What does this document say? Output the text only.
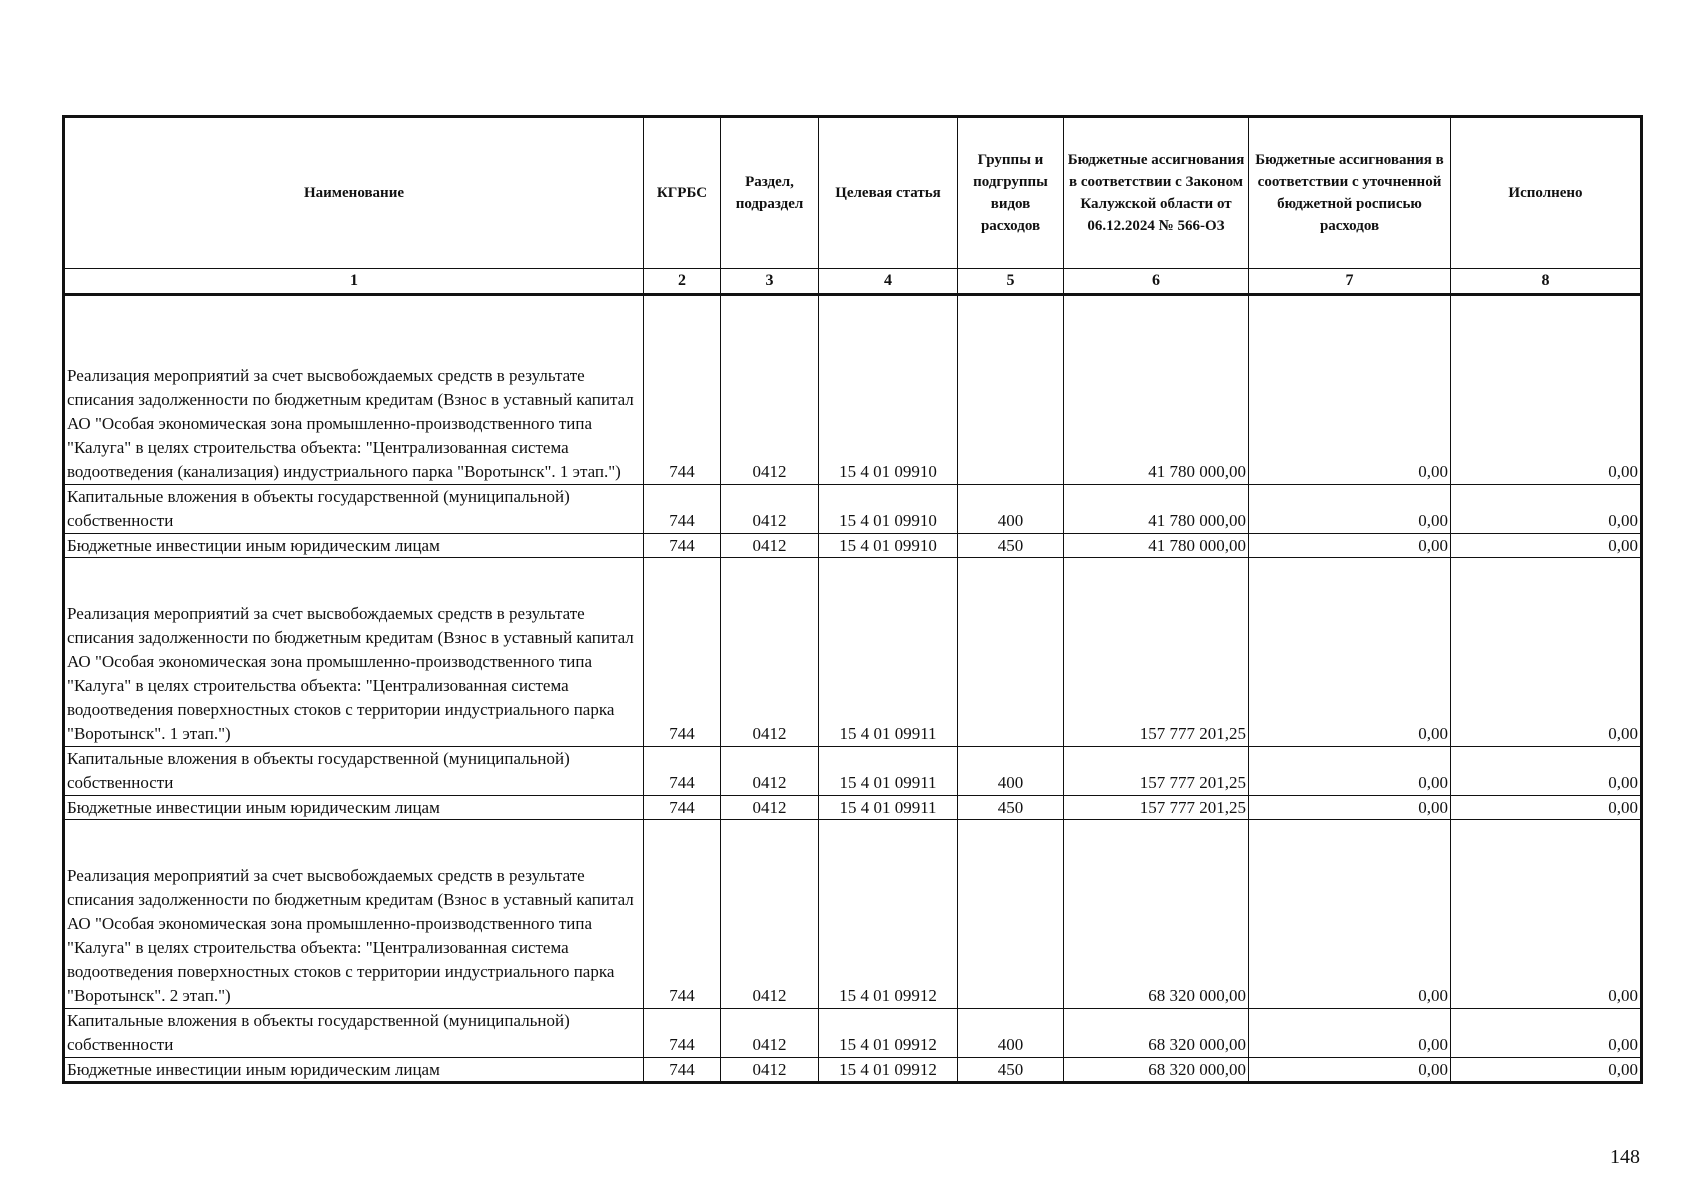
Наименование	КГРБС	Раздел, подраздел	Целевая статья	Группы и подгруппы видов расходов	Бюджетные ассигнования в соответствии с Законом Калужской области от 06.12.2024 № 566-ОЗ	Бюджетные ассигнования в соответствии с уточненной бюджетной росписью расходов	Исполнено
1	2	3	4	5	6	7	8
Реализация мероприятий за счет высвобождаемых средств в результате списания задолженности по бюджетным кредитам (Взнос в уставный капитал АО "Особая экономическая зона промышленно-производственного типа "Калуга" в целях строительства объекта: "Централизованная система водоотведения (канализация) индустриального парка "Воротынск". 1 этап.")	744	0412	15 4 01 09910		41 780 000,00	0,00	0,00
Капитальные вложения в объекты государственной (муниципальной) собственности	744	0412	15 4 01 09910	400	41 780 000,00	0,00	0,00
Бюджетные инвестиции иным юридическим лицам	744	0412	15 4 01 09910	450	41 780 000,00	0,00	0,00
Реализация мероприятий за счет высвобождаемых средств в результате списания задолженности по бюджетным кредитам (Взнос в уставный капитал АО "Особая экономическая зона промышленно-производственного типа "Калуга" в целях строительства объекта: "Централизованная система водоотведения поверхностных стоков с территории индустриального парка "Воротынск". 1 этап.")	744	0412	15 4 01 09911		157 777 201,25	0,00	0,00
Капитальные вложения в объекты государственной (муниципальной) собственности	744	0412	15 4 01 09911	400	157 777 201,25	0,00	0,00
Бюджетные инвестиции иным юридическим лицам	744	0412	15 4 01 09911	450	157 777 201,25	0,00	0,00
Реализация мероприятий за счет высвобождаемых средств в результате списания задолженности по бюджетным кредитам (Взнос в уставный капитал АО "Особая экономическая зона промышленно-производственного типа "Калуга" в целях строительства объекта: "Централизованная система водоотведения поверхностных стоков с территории индустриального парка "Воротынск". 2 этап.")	744	0412	15 4 01 09912		68 320 000,00	0,00	0,00
Капитальные вложения в объекты государственной (муниципальной) собственности	744	0412	15 4 01 09912	400	68 320 000,00	0,00	0,00
Бюджетные инвестиции иным юридическим лицам	744	0412	15 4 01 09912	450	68 320 000,00	0,00	0,00
148
